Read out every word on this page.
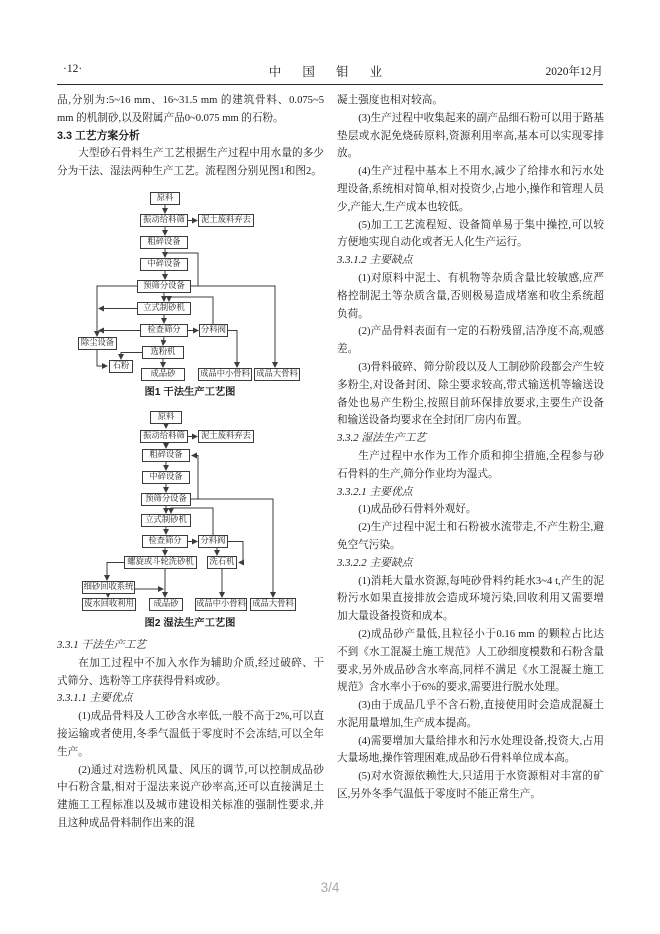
·12·	中 国 钼 业	2020年12月

品,分别为:5~16 mm、16~31.5 mm 的建筑骨料、0.075~5 mm 的机制砂,以及附属产品0~0.075 mm 的石粉。

3.3 工艺方案分析

大型砂石骨料生产工艺根据生产过程中用水量的多少分为干法、湿法两种生产工艺。流程图分别见图1和图2。

原料
振动给料筛	泥土废料弃去
粗碎设备
中碎设备
预筛分设备
立式制砂机
检查筛分	分料阀
除尘设备
选粉机
石粉
成品砂	成品中小骨料 成品大骨料
图1 干法生产工艺图
原料
振动给料筛	泥土废料弃去
粗碎设备
中碎设备
预筛分设备
立式制砂机
检查筛分	分料阀
螺旋或斗轮洗砂机	洗石机
细砂回收系统
废水回收利用	成品砂	成品中小骨料 成品大骨料
图2 湿法生产工艺图

3.3.1 干法生产工艺

在加工过程中不加入水作为辅助介质,经过破碎、干式筛分、选粉等工序获得骨料或砂。

3.3.1.1 主要优点

(1)成品骨料及人工砂含水率低,一般不高于2%,可以直接运输或者使用,冬季气温低于零度时不会冻结,可以全年生产。

(2)通过对选粉机风量、风压的调节,可以控制成品砂中石粉含量,相对于湿法来说产砂率高,还可以直接满足土建施工工程标准以及城市建设相关标准的强制性要求,并且这种成品骨料制作出来的混

凝土强度也相对较高。

(3)生产过程中收集起来的副产品细石粉可以用于路基垫层或水泥免烧砖原料,资源利用率高,基本可以实现零排放。

(4)生产过程中基本上不用水,减少了给排水和污水处理设备,系统相对简单,相对投资少,占地小,操作和管理人员少,产能大,生产成本也较低。

(5)加工工艺流程短、设备简单易于集中操控,可以较方便地实现自动化或者无人化生产运行。

3.3.1.2 主要缺点

(1)对原料中泥土、有机物等杂质含量比较敏感,应严格控制泥土等杂质含量,否则极易造成堵塞和收尘系统超负荷。

(2)产品骨料表面有一定的石粉残留,洁净度不高,观感差。

(3)骨料破碎、筛分阶段以及人工制砂阶段都会产生较多粉尘,对设备封闭、除尘要求较高,带式输送机等输送设备处也易产生粉尘,按照目前环保排放要求,主要生产设备和输送设备均要求在全封闭厂房内布置。

3.3.2 湿法生产工艺

生产过程中水作为工作介质和抑尘措施,全程参与砂石骨料的生产,筛分作业均为湿式。

3.3.2.1 主要优点

(1)成品砂石骨料外观好。

(2)生产过程中泥土和石粉被水流带走,不产生粉尘,避免空气污染。

3.3.2.2 主要缺点

(1)消耗大量水资源,每吨砂骨料约耗水3~4 t,产生的泥粉污水如果直接排放会造成环境污染,回收利用又需要增加大量设备投资和成本。

(2)成品砂产量低,且粒径小于0.16 mm 的颗粒占比达不到《水工混凝土施工规范》人工砂细度模数和石粉含量要求,另外成品砂含水率高,同样不满足《水工混凝土施工规范》含水率小于6%的要求,需要进行脱水处理。

(3)由于成品几乎不含石粉,直接使用时会造成混凝土水泥用量增加,生产成本提高。

(4)需要增加大量给排水和污水处理设备,投资大,占用大量场地,操作管理困难,成品砂石骨料单位成本高。

(5)对水资源依赖性大,只适用于水资源相对丰富的矿区,另外冬季气温低于零度时不能正常生产。

3/4
